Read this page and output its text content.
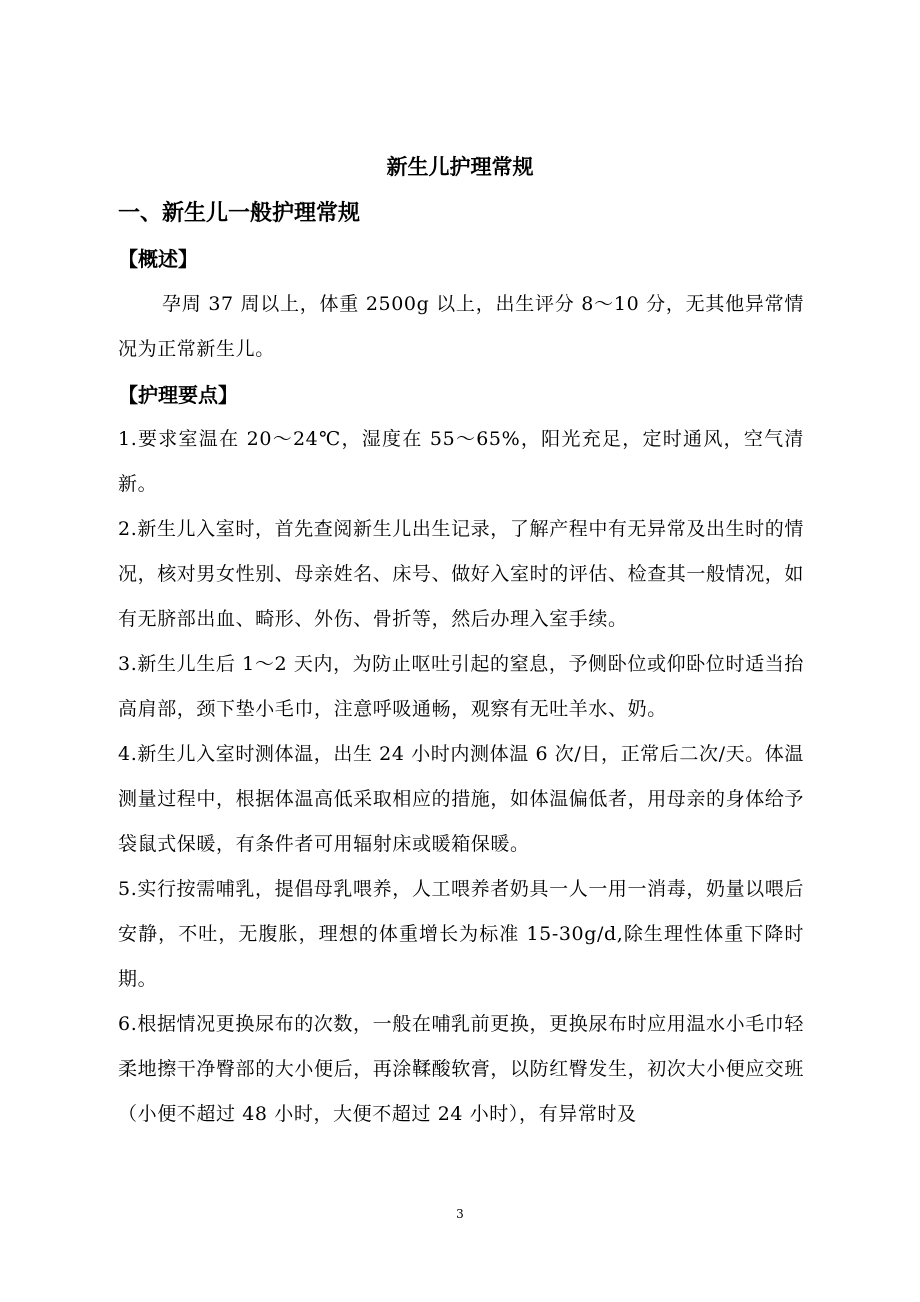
新生儿护理常规
一、新生儿一般护理常规
【概述】

孕周 37 周以上，体重 2500g 以上，出生评分 8～10 分，无其他异常情况为正常新生儿。

【护理要点】

1.要求室温在 20～24℃，湿度在 55～65%，阳光充足，定时通风，空气清新。

2.新生儿入室时，首先查阅新生儿出生记录，了解产程中有无异常及出生时的情况，核对男女性别、母亲姓名、床号、做好入室时的评估、检查其一般情况，如有无脐部出血、畸形、外伤、骨折等，然后办理入室手续。

3.新生儿生后 1～2 天内，为防止呕吐引起的窒息，予侧卧位或仰卧位时适当抬高肩部，颈下垫小毛巾，注意呼吸通畅，观察有无吐羊水、奶。

4.新生儿入室时测体温，出生 24 小时内测体温 6 次/日，正常后二次/天。体温测量过程中，根据体温高低采取相应的措施，如体温偏低者，用母亲的身体给予袋鼠式保暖，有条件者可用辐射床或暖箱保暖。

5.实行按需哺乳，提倡母乳喂养，人工喂养者奶具一人一用一消毒，奶量以喂后安静，不吐，无腹胀，理想的体重增长为标准 15-30g/d,除生理性体重下降时期。

6.根据情况更换尿布的次数，一般在哺乳前更换，更换尿布时应用温水小毛巾轻柔地擦干净臀部的大小便后，再涂鞣酸软膏，以防红臀发生，初次大小便应交班（小便不超过 48 小时，大便不超过 24 小时），有异常时及

3
